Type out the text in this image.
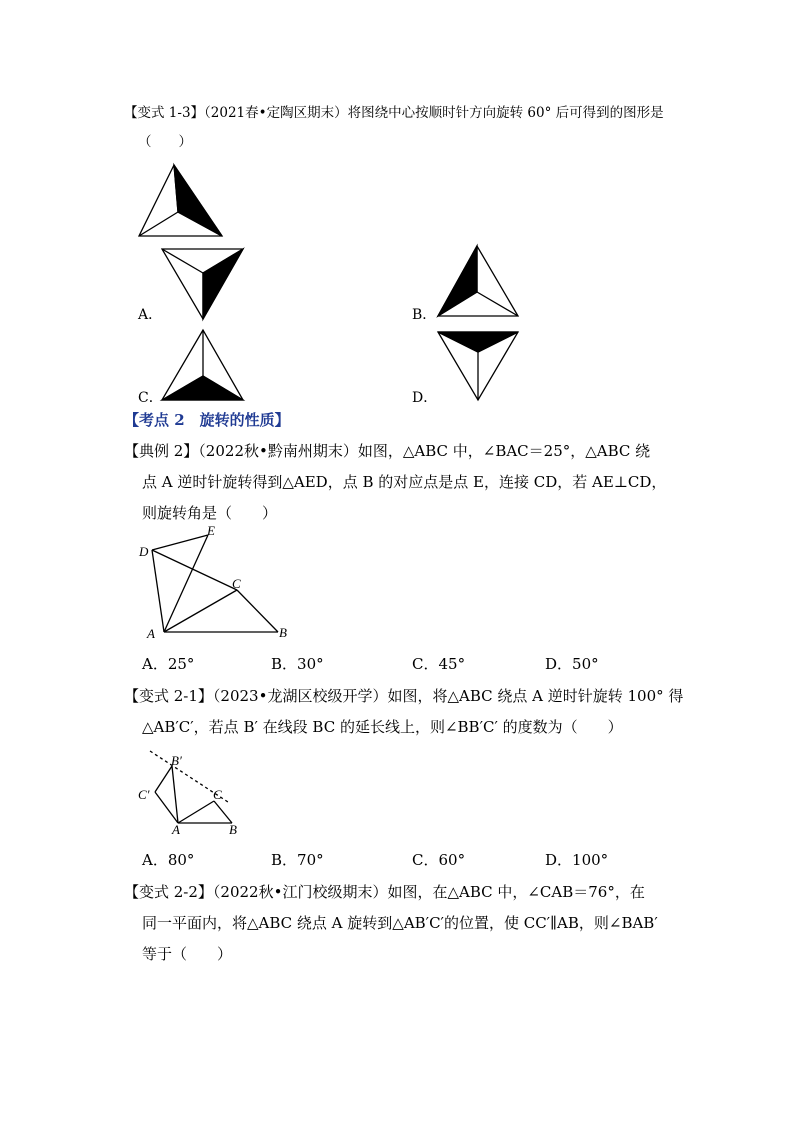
【变式 1-3】（2021春•定陶区期末）将图绕中心按顺时针方向旋转 60° 后可得到的图形是
（　　）
A．	B．
C．	D．
【考点 2　旋转的性质】
【典例 2】（2022秋•黔南州期末）如图，△ABC 中，∠BAC＝25°，△ABC 绕
点 A 逆时针旋转得到△AED，点 B 的对应点是点 E，连接 CD，若 AE⊥CD，
则旋转角是（　　）
D
E
C
A	B
A．25°	B．30°	C．45°	D．50°
【变式 2-1】（2023•龙湖区校级开学）如图，将△ABC 绕点 A 逆时针旋转 100° 得
△AB′C′，若点 B′ 在线段 BC 的延长线上，则∠BB′C′ 的度数为（　　）
B′
C′	C
A	B
A．80°	B．70°	C．60°	D．100°
【变式 2-2】（2022秋•江门校级期末）如图，在△ABC 中，∠CAB＝76°，在
同一平面内，将△ABC 绕点 A 旋转到△AB′C′的位置，使 CC′∥AB，则∠BAB′
等于（　　）
